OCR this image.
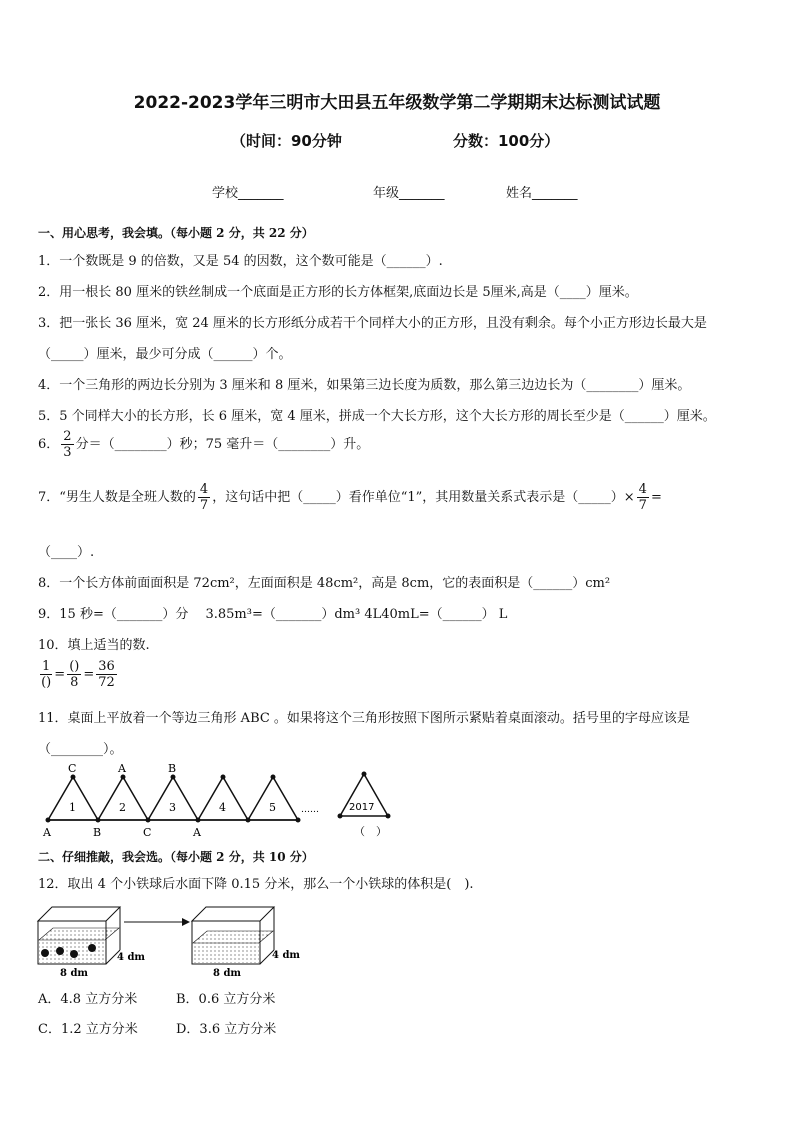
2022-2023学年三明市大田县五年级数学第二学期期末达标测试试题
（时间：90分钟	分数：100分）
学校_______	年级_______	姓名_______
一、用心思考，我会填。（每小题 2 分，共 22 分）
1．一个数既是 9 的倍数，又是 54 的因数，这个数可能是（______）.
2．用一根长 80 厘米的铁丝制成一个底面是正方形的长方体框架,底面边长是 5厘米,高是（____）厘米。
3．把一张长 36 厘米，宽 24 厘米的长方形纸分成若干个同样大小的正方形，且没有剩余。每个小正方形边长最大是
（_____）厘米，最少可分成（______）个。
4．一个三角形的两边长分别为 3 厘米和 8 厘米，如果第三边长度为质数，那么第三边边长为（________）厘米。
5．5 个同样大小的长方形，长 6 厘米，宽 4 厘米，拼成一个大长方形，这个大长方形的周长至少是（______）厘米。
6． $\frac{2}{3}$ 分＝（________）秒；75 毫升＝（________）升。
7．“男生人数是全班人数的 $\frac{4}{7}$ ，这句话中把（_____）看作单位“1”，其用数量关系式表示是（_____）× $\frac{4}{7}$ =
（____）.
8．一个长方体前面面积是 72cm²，左面面积是 48cm²，高是 8cm，它的表面积是（______）cm²
9．15 秒=（_______）分　 3.85m³=（_______）dm³ 4L40mL=（______） L
10．填上适当的数.
$\frac{1}{()} = \frac{()}{8} = \frac{36}{72}$
11．桌面上平放着一个等边三角形 ABC 。如果将这个三角形按照下图所示紧贴着桌面滚动。括号里的字母应该是
（________）。
C	A	B
A	B	C	A
1	2	3	4	5	……	2017
（　）
二、仔细推敲，我会选。（每小题 2 分，共 10 分）
12．取出 4 个小铁球后水面下降 0.15 分米，那么一个小铁球的体积是(　).
8 dm
4 dm
8 dm
4 dm
A．4.8 立方分米	B．0.6 立方分米
C．1.2 立方分米	D．3.6 立方分米
